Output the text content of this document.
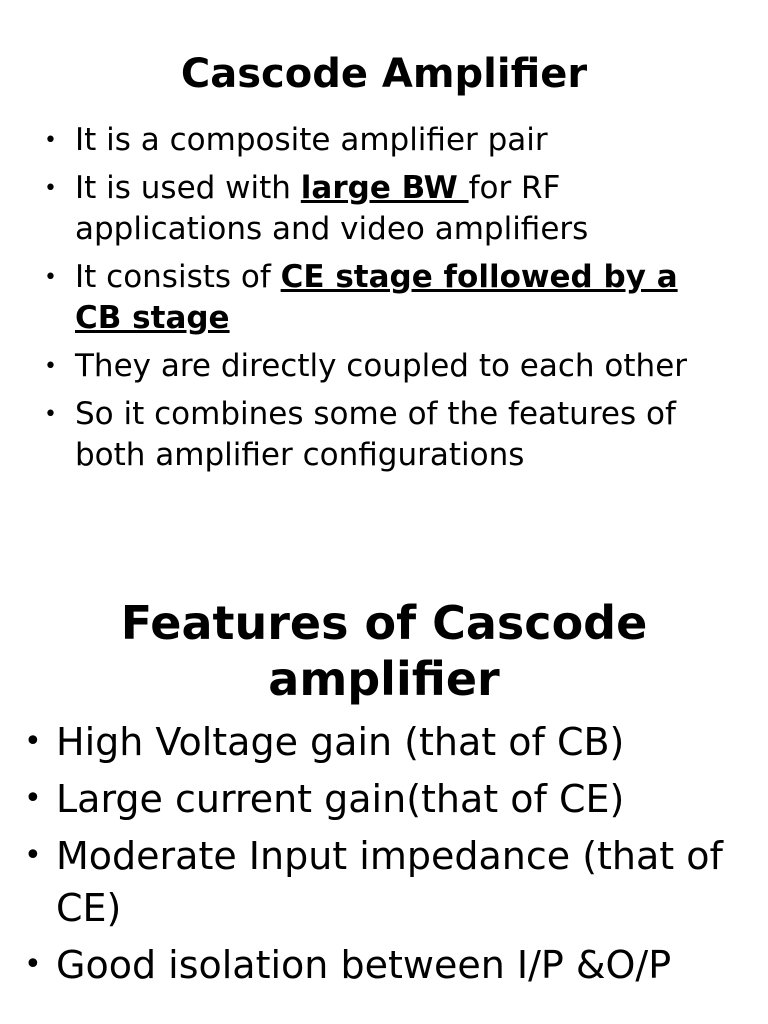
Cascode Amplifier
• It is a composite amplifier pair
• It is used with large BW for RF applications and video amplifiers
• It consists of CE stage followed by a CB stage
• They are directly coupled to each other
• So it combines some of the features of both amplifier configurations
Features of Cascode amplifier
• High Voltage gain (that of CB)
• Large current gain(that of CE)
• Moderate Input impedance (that of CE)
• Good isolation between I/P &O/P
